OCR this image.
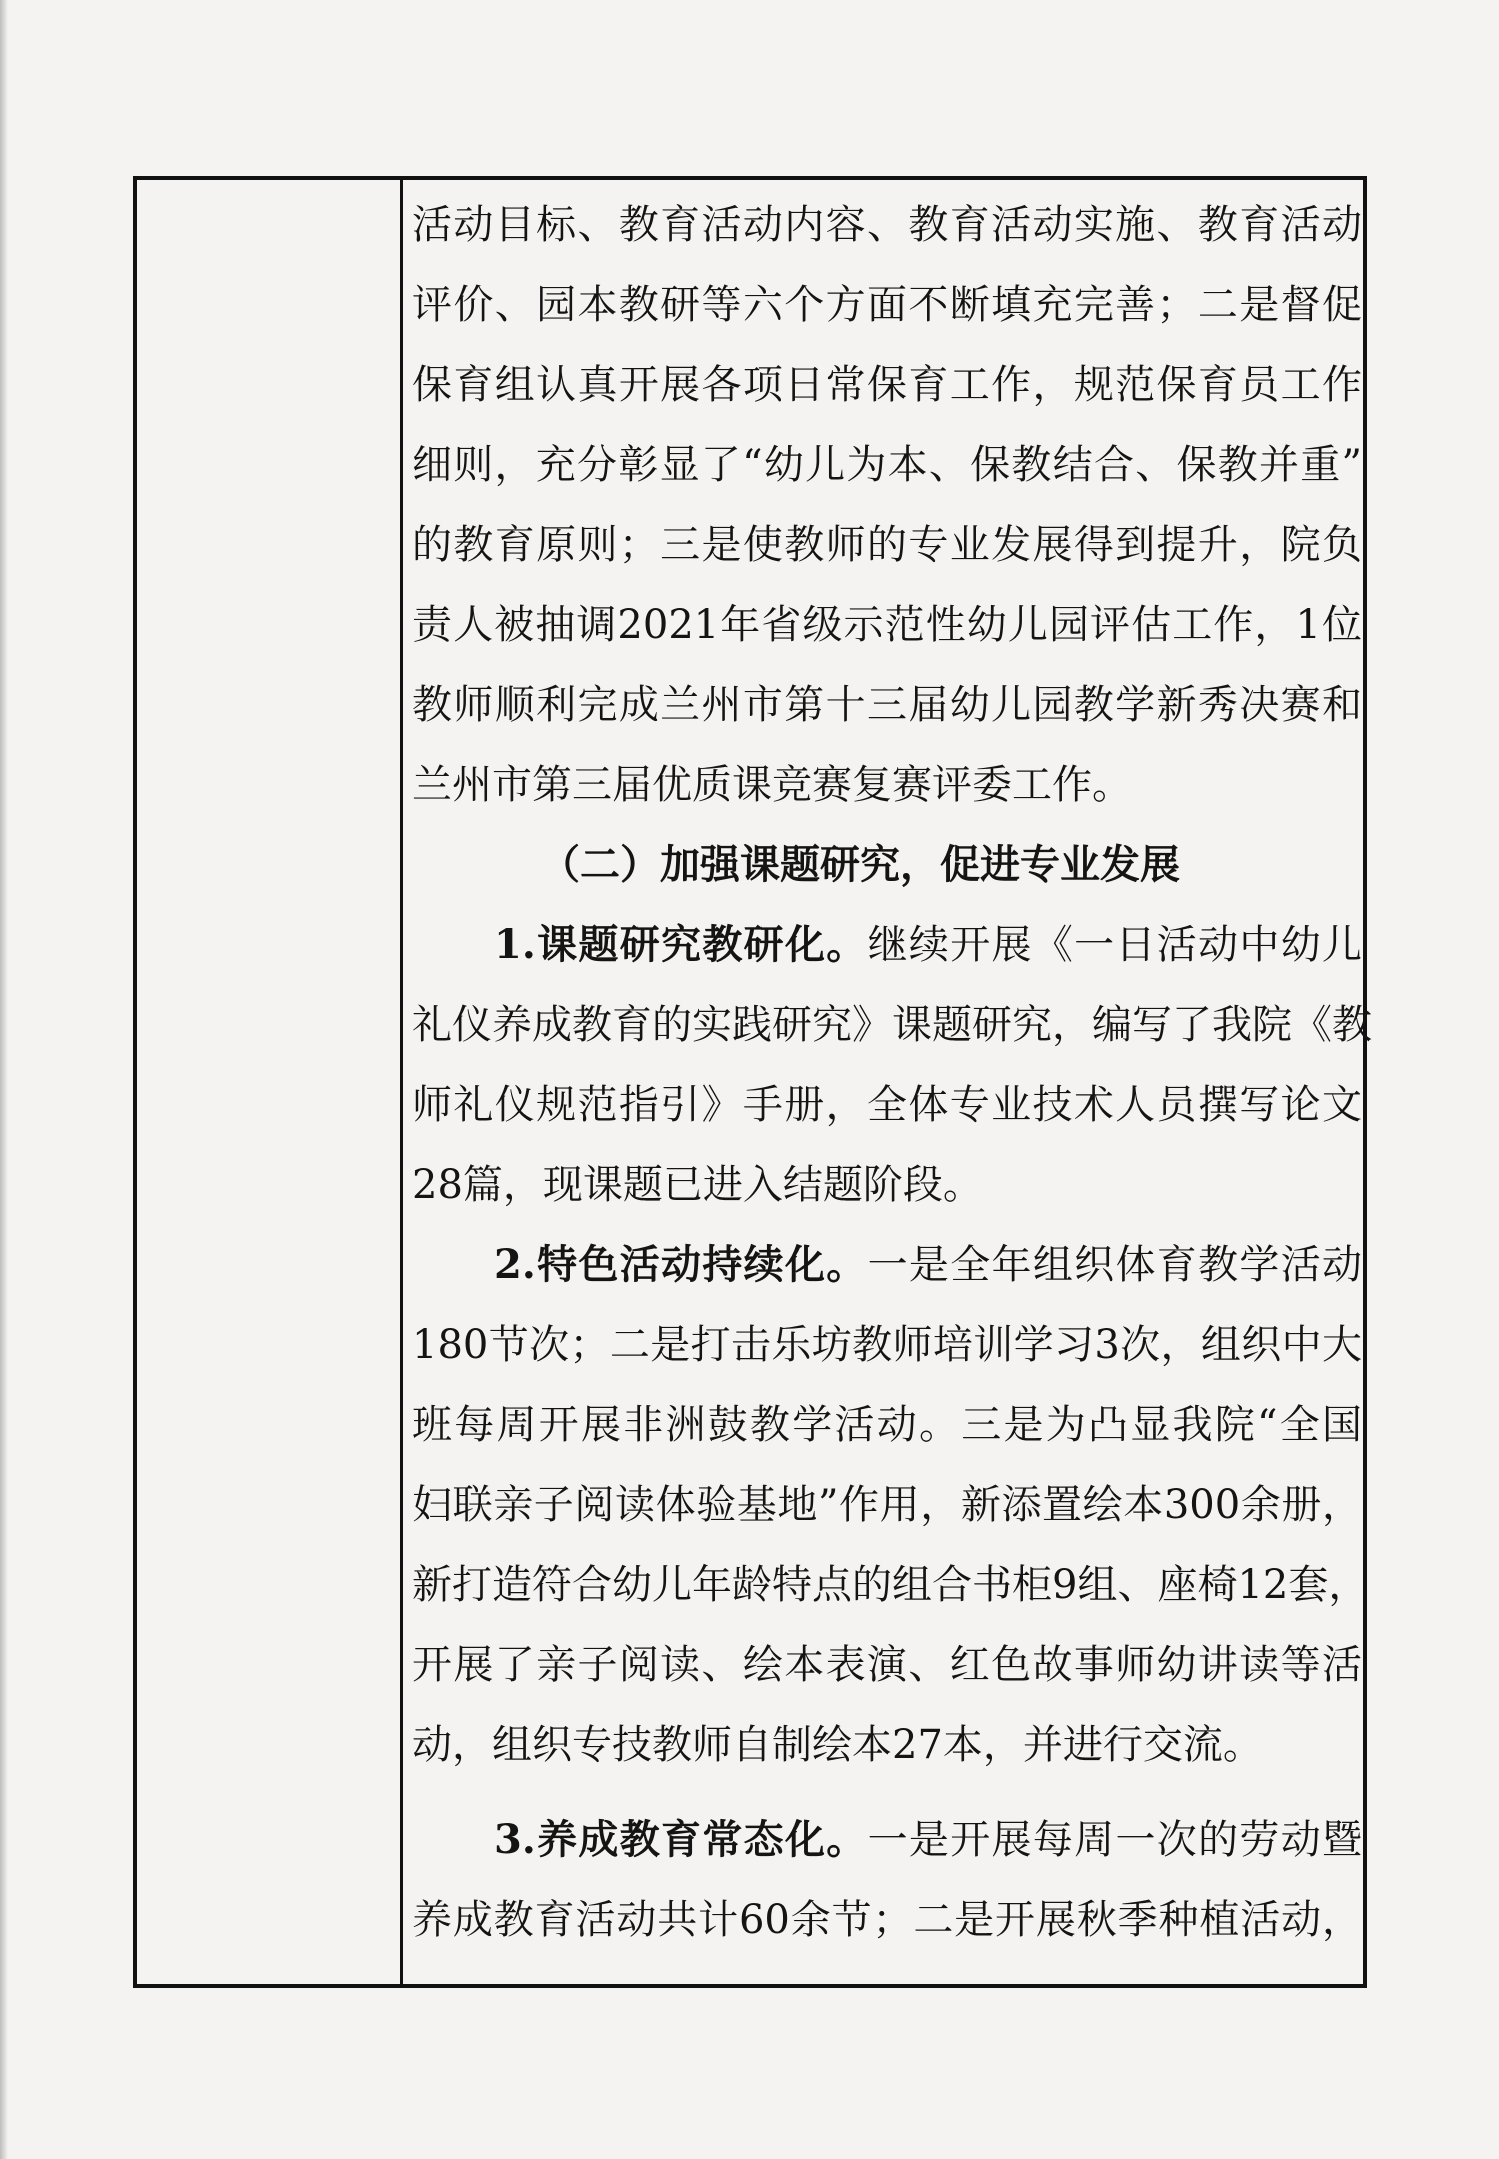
活动目标、教育活动内容、教育活动实施、教育活动
评价、园本教研等六个方面不断填充完善；二是督促
保育组认真开展各项日常保育工作，规范保育员工作
细则，充分彰显了“幼儿为本、保教结合、保教并重”
的教育原则；三是使教师的专业发展得到提升，院负
责人被抽调2021年省级示范性幼儿园评估工作，1位
教师顺利完成兰州市第十三届幼儿园教学新秀决赛和
兰州市第三届优质课竞赛复赛评委工作。
（二）加强课题研究，促进专业发展
1.课题研究教研化。继续开展《一日活动中幼儿
礼仪养成教育的实践研究》课题研究，编写了我院《教
师礼仪规范指引》手册，全体专业技术人员撰写论文
28篇，现课题已进入结题阶段。
2.特色活动持续化。一是全年组织体育教学活动
180节次；二是打击乐坊教师培训学习3次，组织中大
班每周开展非洲鼓教学活动。三是为凸显我院“全国
妇联亲子阅读体验基地”作用，新添置绘本300余册，
新打造符合幼儿年龄特点的组合书柜9组、座椅12套，
开展了亲子阅读、绘本表演、红色故事师幼讲读等活
动，组织专技教师自制绘本27本，并进行交流。
3.养成教育常态化。一是开展每周一次的劳动暨
养成教育活动共计60余节；二是开展秋季种植活动，
